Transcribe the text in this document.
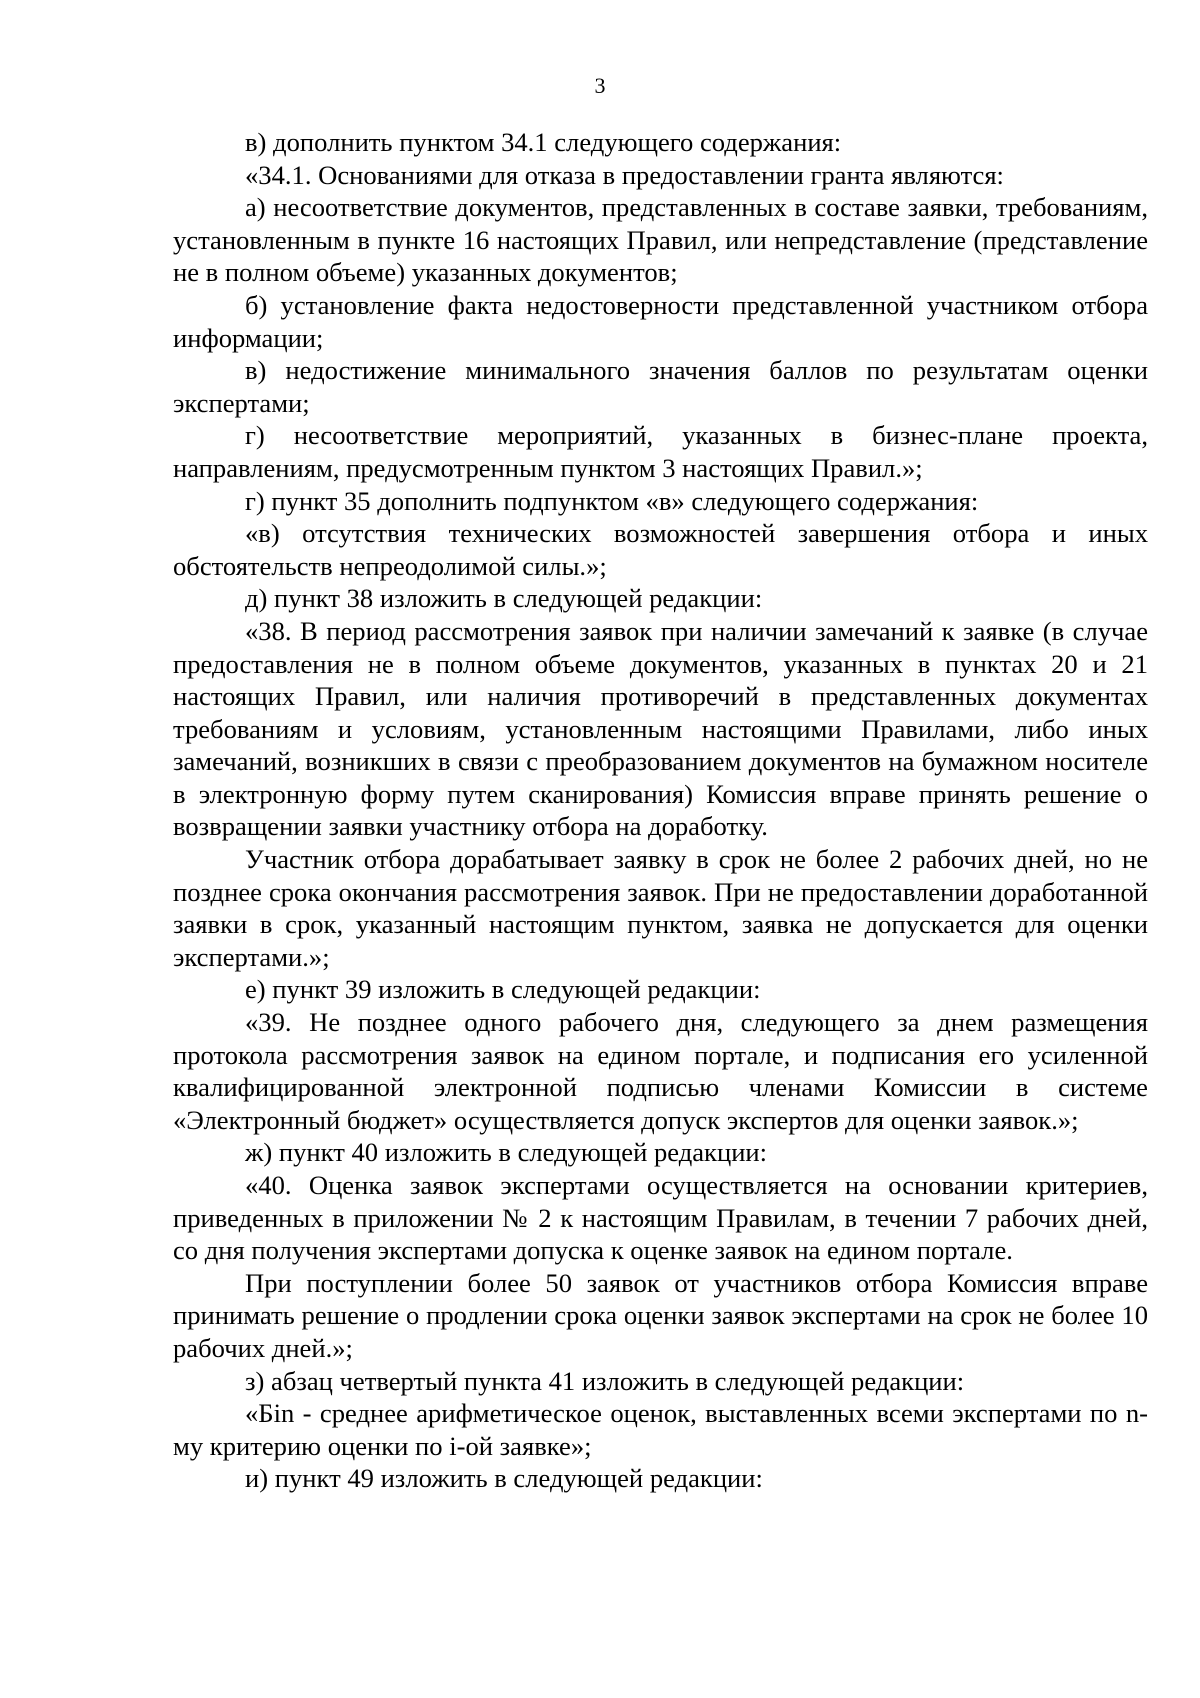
3

в) дополнить пунктом 34.1 следующего содержания:

«34.1. Основаниями для отказа в предоставлении гранта являются:

а) несоответствие документов, представленных в составе заявки, требованиям, установленным в пункте 16 настоящих Правил, или непредставление (представление не в полном объеме) указанных документов;

б) установление факта недостоверности представленной участником отбора информации;

в) недостижение минимального значения баллов по результатам оценки экспертами;

г) несоответствие мероприятий, указанных в бизнес-плане проекта, направлениям, предусмотренным пунктом 3 настоящих Правил.»;

г) пункт 35 дополнить подпунктом «в» следующего содержания:

«в) отсутствия технических возможностей завершения отбора и иных обстоятельств непреодолимой силы.»;

д) пункт 38 изложить в следующей редакции:

«38. В период рассмотрения заявок при наличии замечаний к заявке (в случае предоставления не в полном объеме документов, указанных в пунктах 20 и 21 настоящих Правил, или наличия противоречий в представленных документах требованиям и условиям, установленным настоящими Правилами, либо иных замечаний, возникших в связи с преобразованием документов на бумажном носителе в электронную форму путем сканирования) Комиссия вправе принять решение о возвращении заявки участнику отбора на доработку.

Участник отбора дорабатывает заявку в срок не более 2 рабочих дней, но не позднее срока окончания рассмотрения заявок. При не предоставлении доработанной заявки в срок, указанный настоящим пунктом, заявка не допускается для оценки экспертами.»;

е) пункт 39 изложить в следующей редакции:

«39. Не позднее одного рабочего дня, следующего за днем размещения протокола рассмотрения заявок на едином портале, и подписания его усиленной квалифицированной электронной подписью членами Комиссии в системе «Электронный бюджет» осуществляется допуск экспертов для оценки заявок.»;

ж) пункт 40 изложить в следующей редакции:

«40. Оценка заявок экспертами осуществляется на основании критериев, приведенных в приложении № 2 к настоящим Правилам, в течении 7 рабочих дней, со дня получения экспертами допуска к оценке заявок на едином портале.

При поступлении более 50 заявок от участников отбора Комиссия вправе принимать решение о продлении срока оценки заявок экспертами на срок не более 10 рабочих дней.»;

з) абзац четвертый пункта 41 изложить в следующей редакции:

«Бin - среднее арифметическое оценок, выставленных всеми экспертами по n-му критерию оценки по i-ой заявке»;

и) пункт 49 изложить в следующей редакции:
